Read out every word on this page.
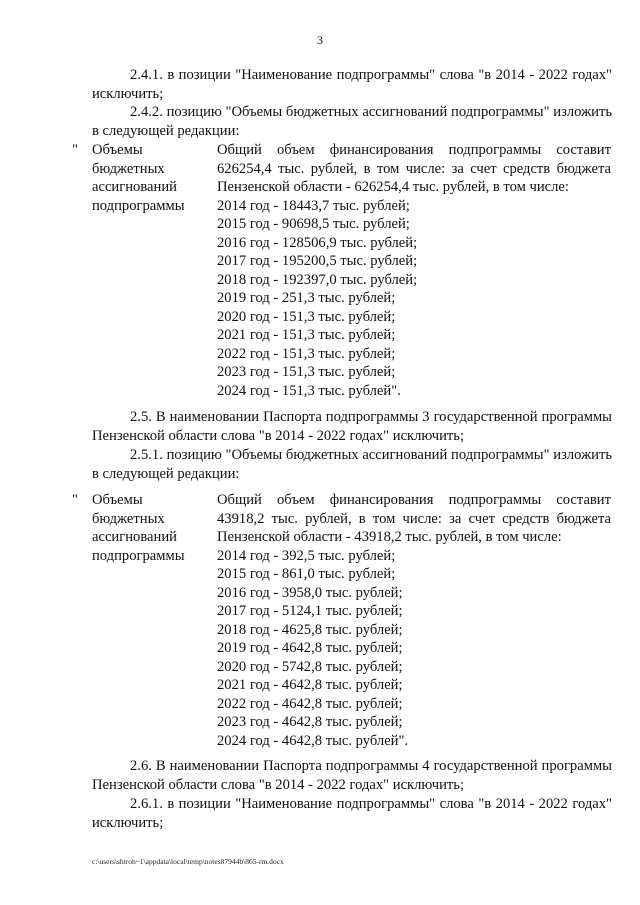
3
2.4.1. в позиции "Наименование подпрограммы" слова "в 2014 - 2022 годах" исключить;
2.4.2. позицию "Объемы бюджетных ассигнований подпрограммы" изложить в следующей редакции:
" Объемы
бюджетных
ассигнований
подпрограммы
Общий объем финансирования подпрограммы составит 626254,4 тыс. рублей, в том числе: за счет средств бюджета Пензенской области - 626254,4 тыс. рублей, в том числе:
2014 год - 18443,7 тыс. рублей;
2015 год - 90698,5 тыс. рублей;
2016 год - 128506,9 тыс. рублей;
2017 год - 195200,5 тыс. рублей;
2018 год - 192397,0 тыс. рублей;
2019 год - 251,3 тыс. рублей;
2020 год - 151,3 тыс. рублей;
2021 год - 151,3 тыс. рублей;
2022 год - 151,3 тыс. рублей;
2023 год - 151,3 тыс. рублей;
2024 год - 151,3 тыс. рублей".
2.5. В наименовании Паспорта подпрограммы 3 государственной программы Пензенской области слова "в 2014 - 2022 годах" исключить;
2.5.1. позицию "Объемы бюджетных ассигнований подпрограммы" изложить в следующей редакции:
" Объемы
бюджетных
ассигнований
подпрограммы
Общий объем финансирования подпрограммы составит 43918,2 тыс. рублей, в том числе: за счет средств бюджета Пензенской области - 43918,2 тыс. рублей, в том числе:
2014 год - 392,5 тыс. рублей;
2015 год - 861,0 тыс. рублей;
2016 год - 3958,0 тыс. рублей;
2017 год - 5124,1 тыс. рублей;
2018 год - 4625,8 тыс. рублей;
2019 год - 4642,8 тыс. рублей;
2020 год - 5742,8 тыс. рублей;
2021 год - 4642,8 тыс. рублей;
2022 год - 4642,8 тыс. рублей;
2023 год - 4642,8 тыс. рублей;
2024 год - 4642,8 тыс. рублей".
2.6. В наименовании Паспорта подпрограммы 4 государственной программы Пензенской области слова "в 2014 - 2022 годах" исключить;
2.6.1. в позиции "Наименование подпрограммы" слова "в 2014 - 2022 годах" исключить;
c:\users\shtroh~1\appdata\local\temp\notes87944b\865-rm.docx
